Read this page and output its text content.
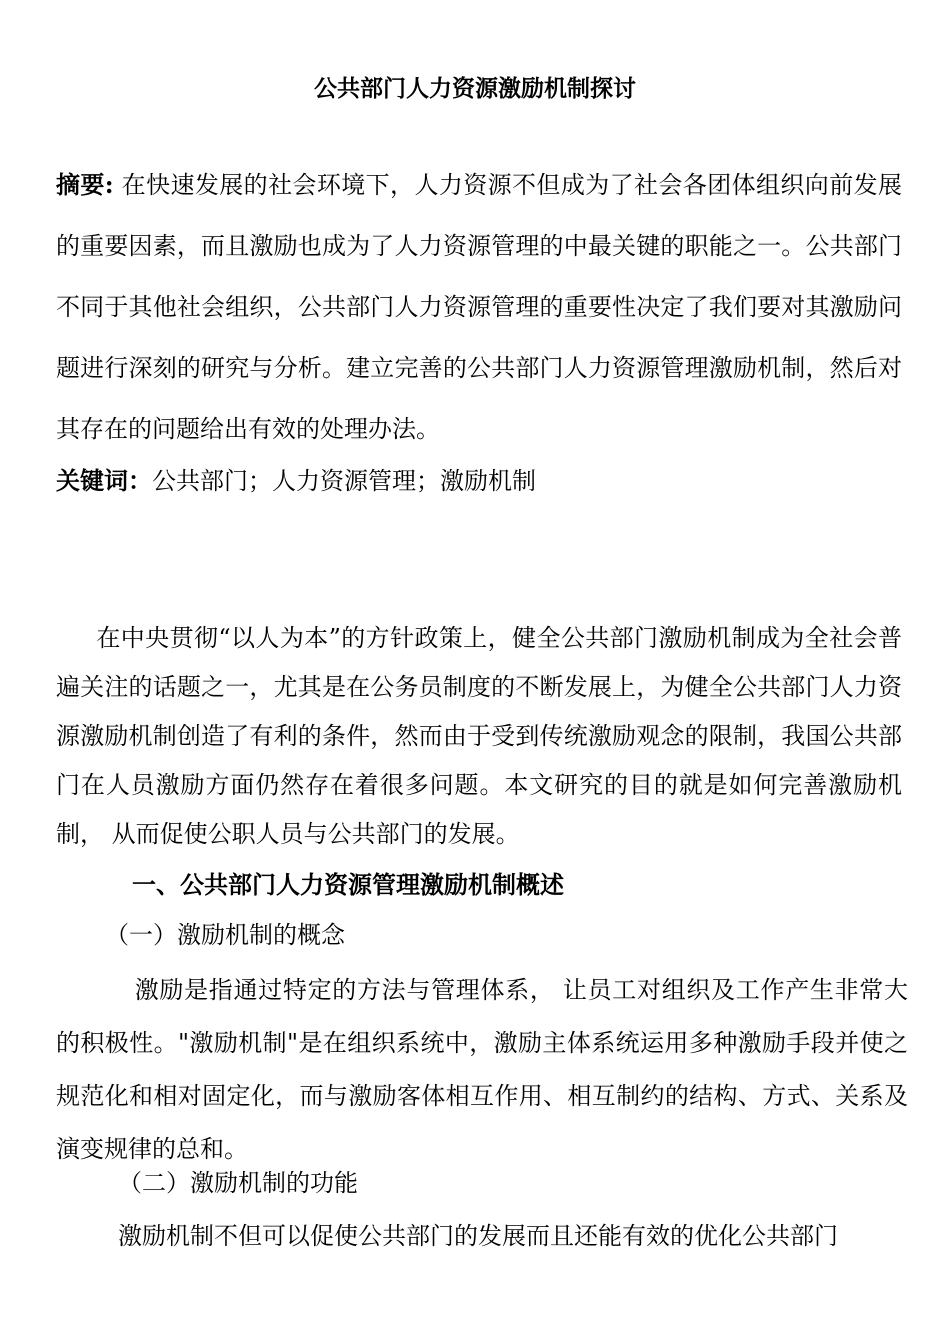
公共部门人力资源激励机制探讨
摘要: 在快速发展的社会环境下，人力资源不但成为了社会各团体组织向前发展的重要因素，而且激励也成为了人力资源管理的中最关键的职能之一。公共部门不同于其他社会组织，公共部门人力资源管理的重要性决定了我们要对其激励问题进行深刻的研究与分析。建立完善的公共部门人力资源管理激励机制，然后对其存在的问题给出有效的处理办法。
关键词：公共部门；人力资源管理；激励机制
在中央贯彻“以人为本”的方针政策上，健全公共部门激励机制成为全社会普遍关注的话题之一，尤其是在公务员制度的不断发展上，为健全公共部门人力资源激励机制创造了有利的条件，然而由于受到传统激励观念的限制，我国公共部门在人员激励方面仍然存在着很多问题。本文研究的目的就是如何完善激励机制， 从而促使公职人员与公共部门的发展。
一、公共部门人力资源管理激励机制概述
（一）激励机制的概念
激励是指通过特定的方法与管理体系， 让员工对组织及工作产生非常大的积极性。"激励机制"是在组织系统中，激励主体系统运用多种激励手段并使之规范化和相对固定化，而与激励客体相互作用、相互制约的结构、方式、关系及演变规律的总和。
（二）激励机制的功能
激励机制不但可以促使公共部门的发展而且还能有效的优化公共部门
